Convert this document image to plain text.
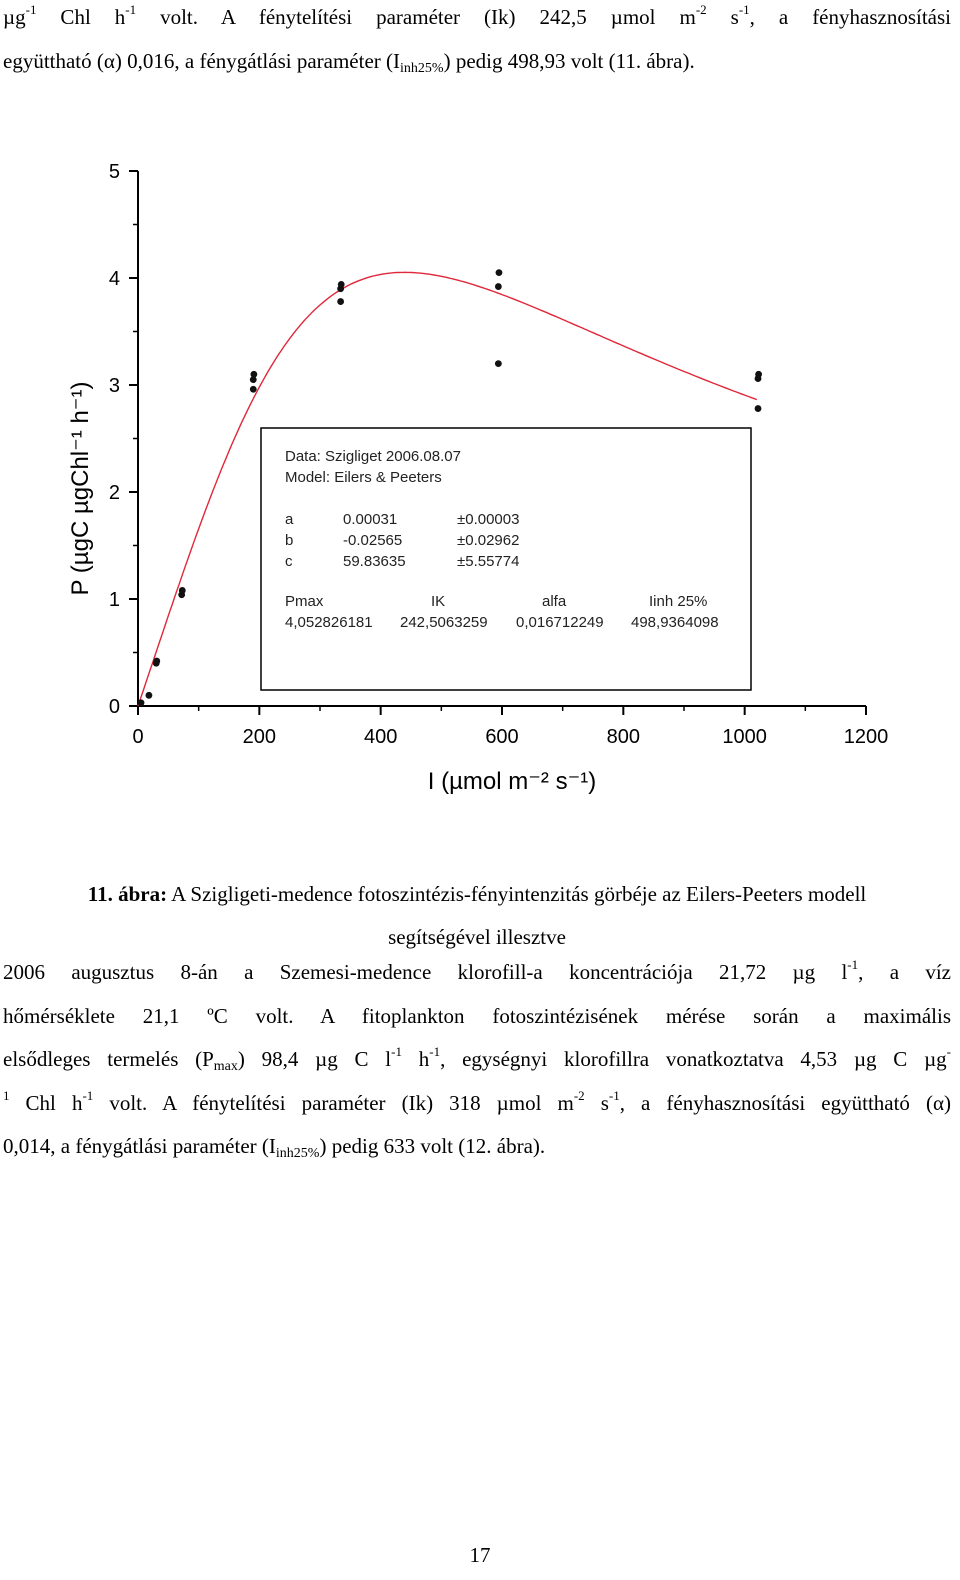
µg$^{-1}$ Chl $h^{-1}$ volt. A fénytelítési paraméter (Ik) 242,5 µmol $m^{-2}$ $s^{-1}$, a fényhasznosítási
együttható (α) 0,016, a fénygátlási paraméter $(I_{inh25\%})$ pedig 498,93 volt (11. ábra).
0	200	400	600	800	1000	1200
0
1
2
3
4
5
Data: Szigliget 2006.08.07
Model: Eilers & Peeters
a	0.00031	±0.00003
b	-0.02565	±0.02962
c	59.83635	±5.55774
Pmax	IK	alfa	Iinh 25%
4,052826181 242,5063259 0,016712249 498,9364098
P (µgC µgChl⁻¹ h⁻¹)
I (µmol m⁻² s⁻¹)
11. ábra: A Szigligeti-medence fotoszintézis-fényintenzitás görbéje az Eilers-Peeters modell
segítségével illesztve
2006 augusztus 8-án a Szemesi-medence klorofill-a koncentrációja 21,72 µg $l^{-1}$, a víz
hőmérséklete 21,1 ºC volt. A fitoplankton fotoszintézisének mérése során a maximális
elsődleges termelés $(P_{max})$ 98,4 µg C $l^{-1}$ $h^{-1}$, egységnyi klorofillra vonatkoztatva 4,53 µg C µg-
$^1$ Chl $h^{-1}$ volt. A fénytelítési paraméter (Ik) 318 µmol $m^{-2}$ $s^{-1}$, a fényhasznosítási együttható (α)
0,014, a fénygátlási paraméter $(I_{inh25\%})$ pedig 633 volt (12. ábra).
17
